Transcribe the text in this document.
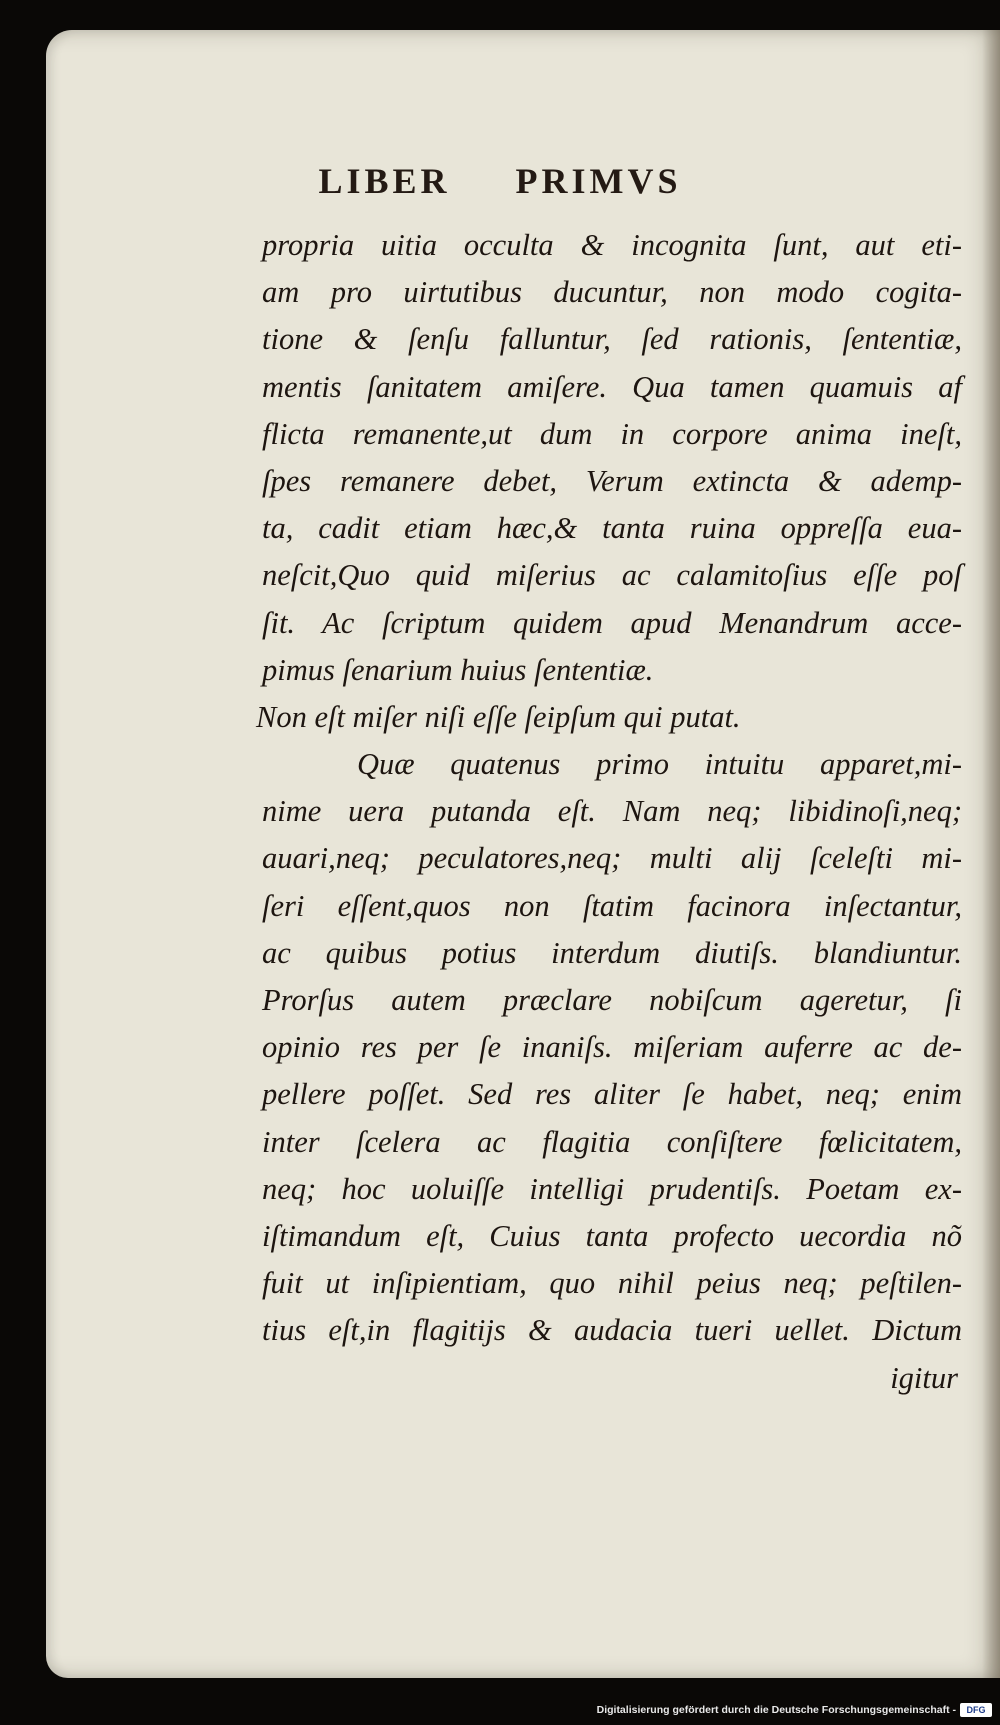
LIBER PRIMVS
propria uitia occulta & incognita ſunt, aut eti-
am pro uirtutibus ducuntur, non modo cogita-
tione & ſenſu falluntur, ſed rationis, ſententiæ,
mentis ſanitatem amiſere. Qua tamen quamuis af
flicta remanente,ut dum in corpore anima ineſt,
ſpes remanere debet, Verum extincta & ademp-
ta, cadit etiam hæc,& tanta ruina oppreſſa eua-
neſcit,Quo quid miſerius ac calamitoſius eſſe poſ
ſit. Ac ſcriptum quidem apud Menandrum acce-
pimus ſenarium huius ſententiæ.
Non eſt miſer niſi eſſe ſeipſum qui putat.
Quæ quatenus primo intuitu apparet,mi-
nime uera putanda eſt. Nam neq; libidinoſi,neq;
auari,neq; peculatores,neq; multi alij ſceleſti mi-
ſeri eſſent,quos non ſtatim facinora inſectantur,
ac quibus potius interdum diutiſs. blandiuntur.
Prorſus autem præclare nobiſcum ageretur, ſi
opinio res per ſe inaniſs. miſeriam auferre ac de-
pellere poſſet. Sed res aliter ſe habet, neq; enim
inter ſcelera ac flagitia conſiſtere fœlicitatem,
neq; hoc uoluiſſe intelligi prudentiſs. Poetam ex-
iſtimandum eſt, Cuius tanta profecto uecordia nõ
fuit ut inſipientiam, quo nihil peius neq; peſtilen-
tius eſt,in flagitijs & audacia tueri uellet. Dictum
igitur
Digitalisierung gefördert durch die Deutsche Forschungsgemeinschaft -	DFG
